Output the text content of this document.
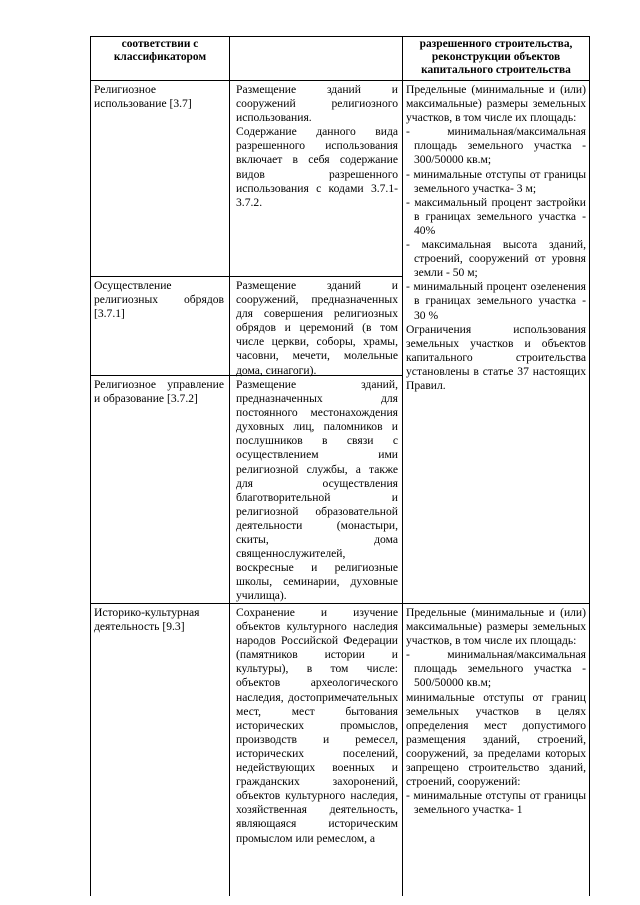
соответствии с классификатором
разрешенного строительства, реконструкции объектов капитального строительства
Религиозное использование [3.7]

Размещение зданий и сооружений религиозного использования.

Содержание данного вида разрешенного использования включает в себя содержание видов разрешенного использования с кодами 3.7.1-3.7.2.

Осуществление религиозных обрядов [3.7.1]
Размещение зданий и сооружений, предназначенных для совершения религиозных обрядов и церемоний (в том числе церкви, соборы, храмы, часовни, мечети, молельные дома, синагоги).
Религиозное управление и образование [3.7.2]
Размещение зданий, предназначенных для постоянного местонахождения духовных лиц, паломников и послушников в связи с осуществлением ими религиозной службы, а также для осуществления благотворительной и религиозной образовательной деятельности (монастыри, скиты, дома священнослужителей, воскресные и религиозные школы, семинарии, духовные училища).
Историко-культурная деятельность [9.3]
Сохранение и изучение объектов культурного наследия народов Российской Федерации (памятников истории и культуры), в том числе: объектов археологического наследия, достопримечательных мест, мест бытования исторических промыслов, производств и ремесел, исторических поселений, недействующих военных и гражданских захоронений, объектов культурного наследия, хозяйственная деятельность, являющаяся историческим промыслом или ремеслом, а

Предельные (минимальные и (или) максимальные) размеры земельных участков, в том числе их площадь:

- минимальная/максимальная площадь земельного участка - 300/50000 кв.м;

- минимальные отступы от границы земельного участка- 3 м;

- максимальный процент застройки в границах земельного участка - 40%

- максимальная высота зданий, строений, сооружений от уровня земли - 50 м;

- минимальный процент озеленения в границах земельного участка - 30 %

Ограничения использования земельных участков и объектов капитального строительства установлены в статье 37 настоящих Правил.

Предельные (минимальные и (или) максимальные) размеры земельных участков, в том числе их площадь:

- минимальная/максимальная площадь земельного участка - 500/50000 кв.м;

минимальные отступы от границ земельных участков в целях определения мест допустимого размещения зданий, строений, сооружений, за пределами которых запрещено строительство зданий, строений, сооружений:

- минимальные отступы от границы земельного участка- 1
